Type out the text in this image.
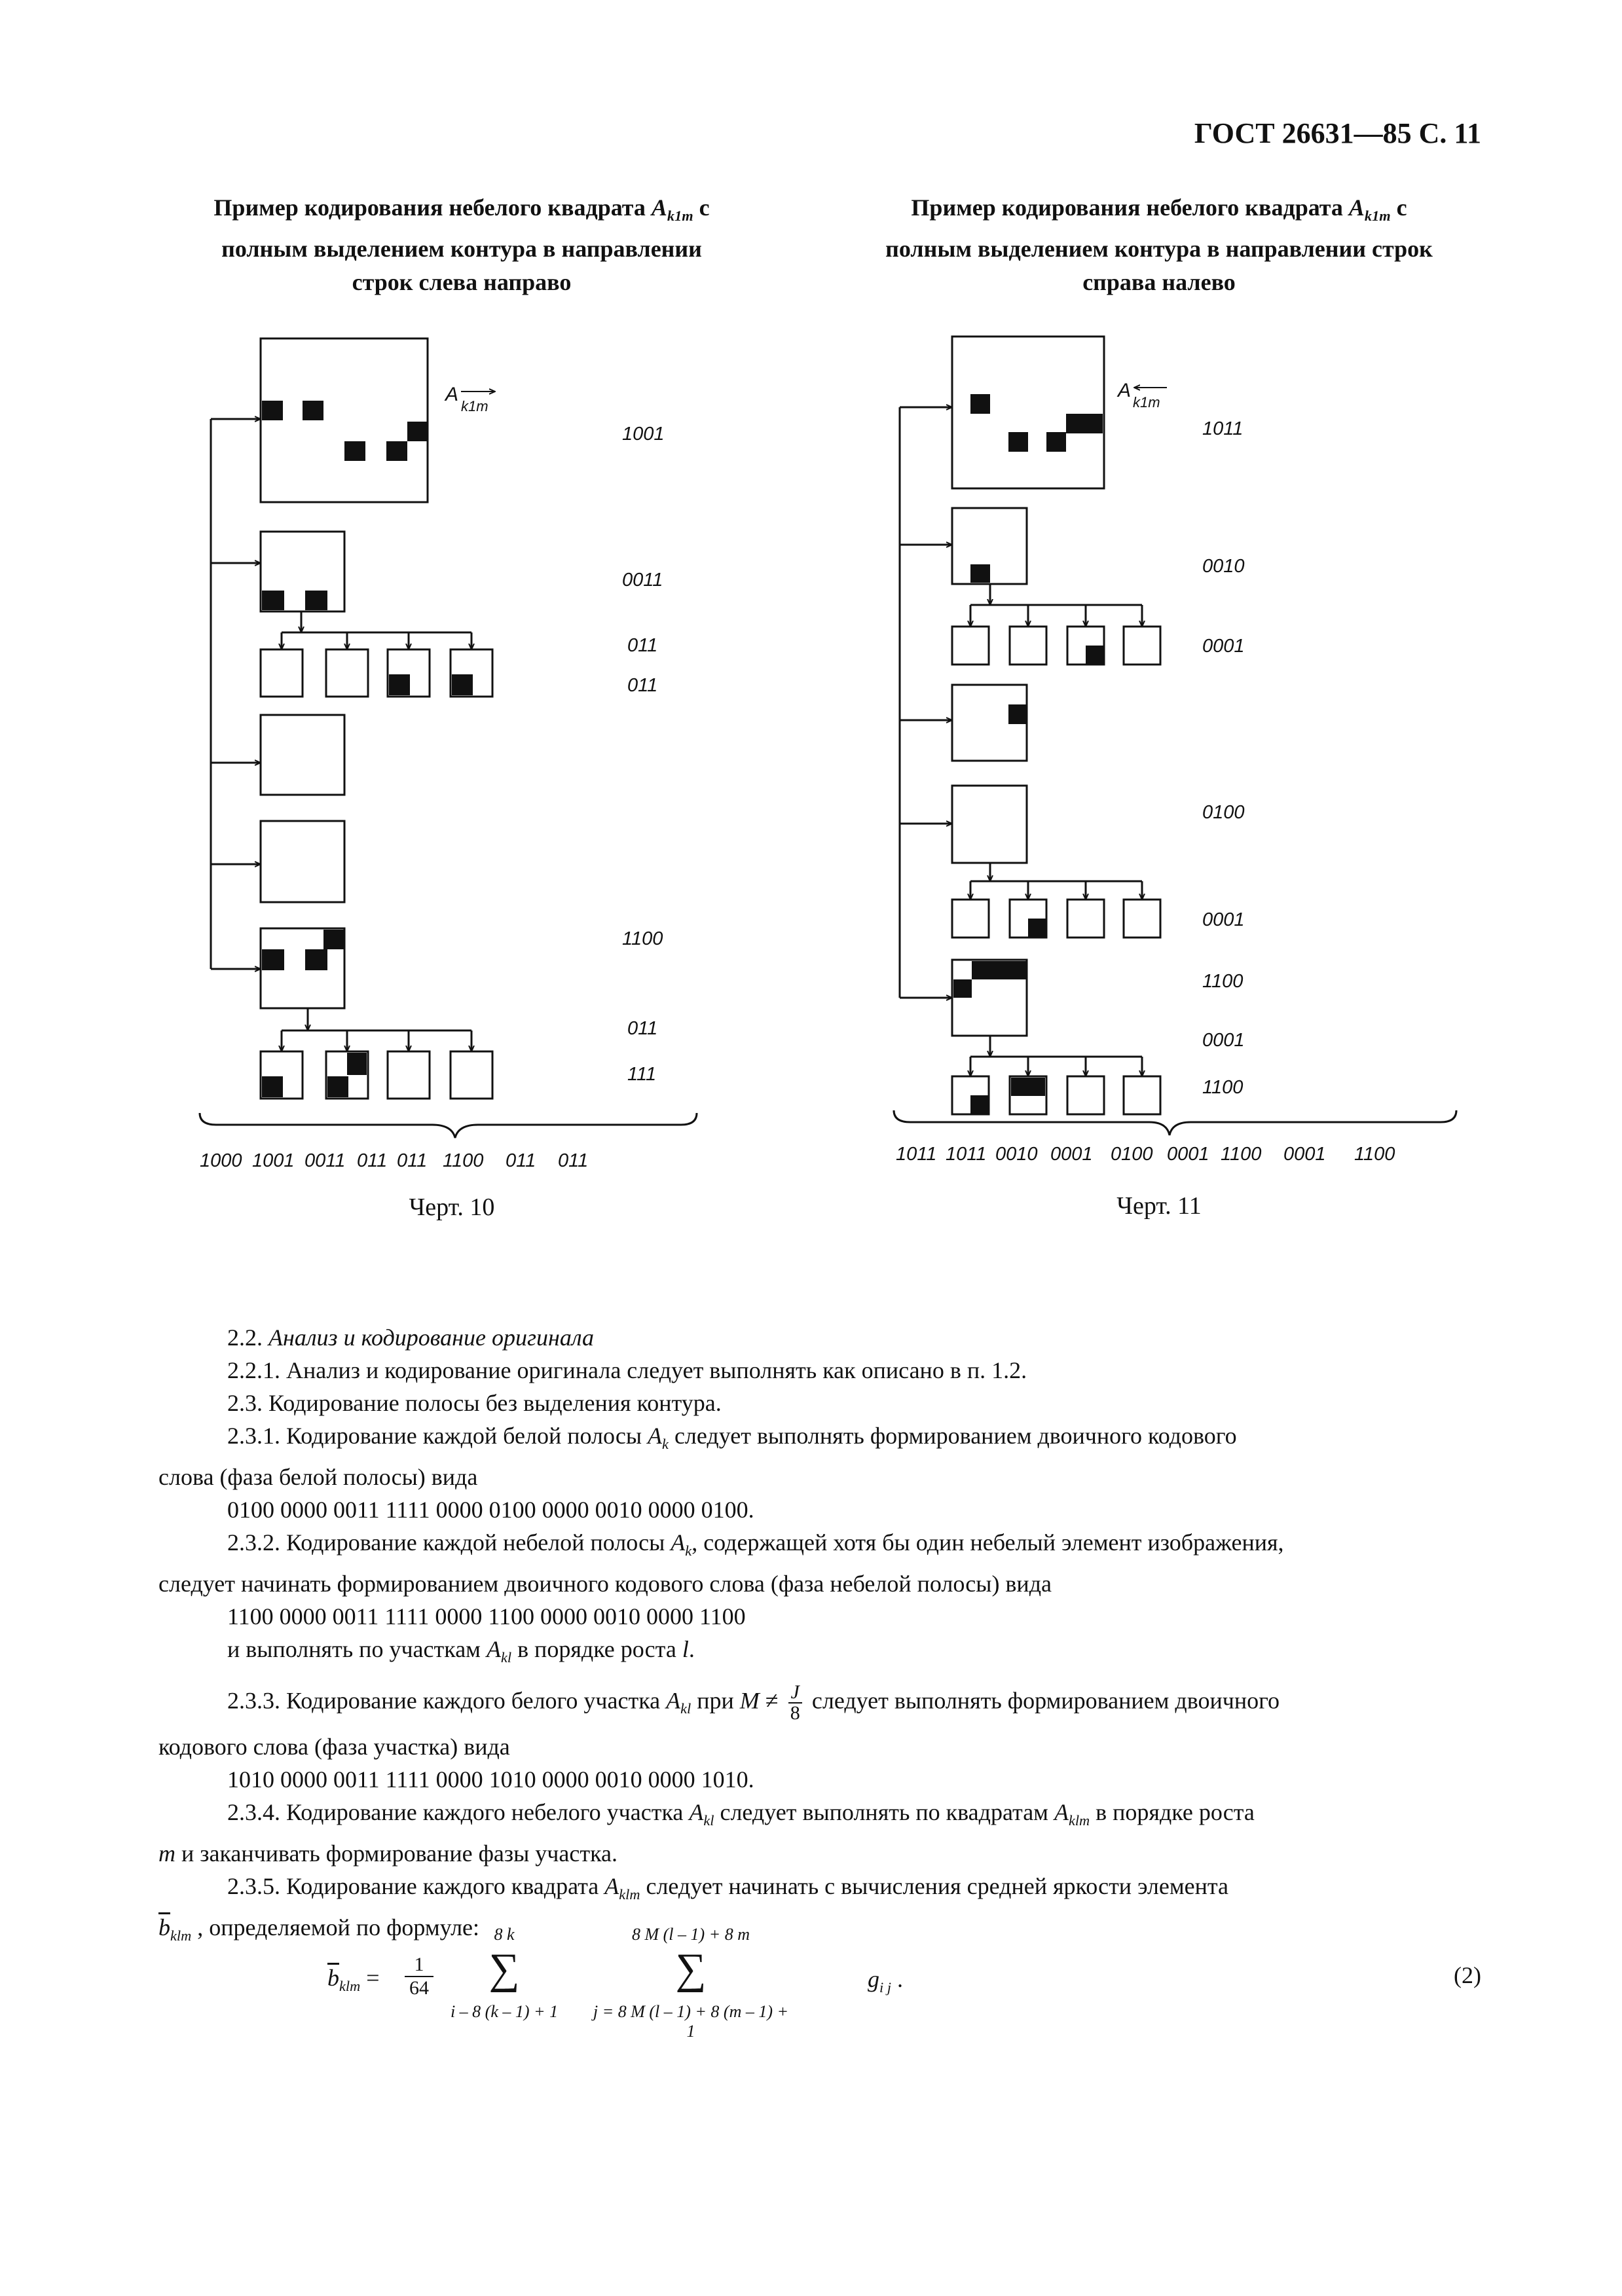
ГОСТ 26631—85 С. 11
Пример кодирования небелого квадрата $A_{k1m}$ с
полным выделением контура в направлении
строк слева направо
Пример кодирования небелого квадрата $A_{k1m}$ с
полным выделением контура в направлении строк
справа налево
A
k1m
1001
0011
011
011
1100
011
111
1000 1001 0011 011 011 1100 011 011
A
k1m
1011
0010
0001
0100
0001
1100
0001
1100
1011 1011 0010 0001 0100 0001 1100 0001 1100
Черт. 10	Черт. 11

2.2. Анализ и кодирование оригинала

2.2.1. Анализ и кодирование оригинала следует выполнять как описано в п. 1.2.

2.3. Кодирование полосы без выделения контура.

2.3.1. Кодирование каждой белой полосы $A_k$ следует выполнять формированием двоичного кодового

слова (фаза белой полосы) вида

0100 0000 0011 1111 0000 0100 0000 0010 0000 0100.

2.3.2. Кодирование каждой небелой полосы $A_k$, содержащей хотя бы один небелый элемент изображения,

следует начинать формированием двоичного кодового слова (фаза небелой полосы) вида

1100 0000 0011 1111 0000 1100 0000 0010 0000 1100

и выполнять по участкам $A_{kl}$ в порядке роста l.

2.3.3. Кодирование каждого белого участка $A_{kl}$ при $M \ne \frac{J}{8}$ следует выполнять формированием двоичного

кодового слова (фаза участка) вида

1010 0000 0011 1111 0000 1010 0000 0010 0000 1010.

2.3.4. Кодирование каждого небелого участка $A_{kl}$ следует выполнять по квадратам $A_{klm}$ в порядке роста

m и заканчивать формирование фазы участка.

2.3.5. Кодирование каждого квадрата $A_{klm}$ следует начинать с вычисления средней яркости элемента

$\overline{b}_{klm}$ , определяемой по формуле:

$\overline{b}_{klm}$ =
1
64
8 k
∑
i – 8 (k – 1) + 1
8 M (l – 1) + 8 m
∑
j = 8 M (l – 1) + 8 (m – 1) + 1
$g_{i j}$ .	(2)
